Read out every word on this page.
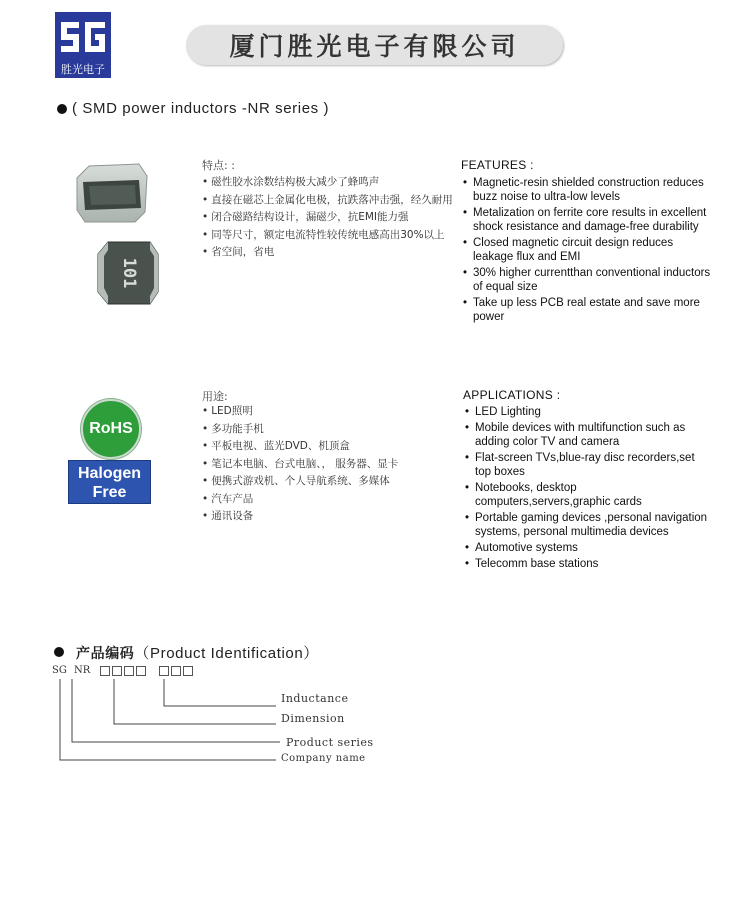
胜光电子
厦门胜光电子有限公司
( SMD power inductors -NR series )
101
特点: :
• 磁性胶水涂数结构极大减少了蜂鸣声
• 直接在磁芯上金属化电极，抗跌落冲击强，经久耐用
• 闭合磁路结构设计，漏磁少，抗EMI能力强
• 同等尺寸，额定电流特性较传统电感高出30%以上
• 省空间，省电
FEATURES :
• Magnetic-resin shielded construction reduces buzz noise to ultra-low levels
• Metalization on ferrite core results in excellent shock resistance and damage-free durability
• Closed magnetic circuit design reduces leakage flux and EMI
• 30% higher currentthan conventional inductors of equal size
• Take up less PCB real estate and save more power
RoHS
Halogen
Free
用途:
• LED照明
• 多功能手机
• 平板电视、蓝光DVD、机顶盒
• 笔记本电脑、台式电脑、， 服务器、显卡
• 便携式游戏机、个人导航系统、多媒体
• 汽车产品
• 通讯设备
APPLICATIONS :
• LED Lighting
• Mobile devices with multifunction such as adding color TV and camera
• Flat-screen TVs,blue-ray disc recorders,set top boxes
• Notebooks, desktop computers,servers,graphic cards
• Portable gaming devices ,personal navigation systems, personal multimedia devices
• Automotive systems
• Telecomm base stations
产品编码（Product Identification）
SG NR
Inductance
Dimension
Product series
Company name
